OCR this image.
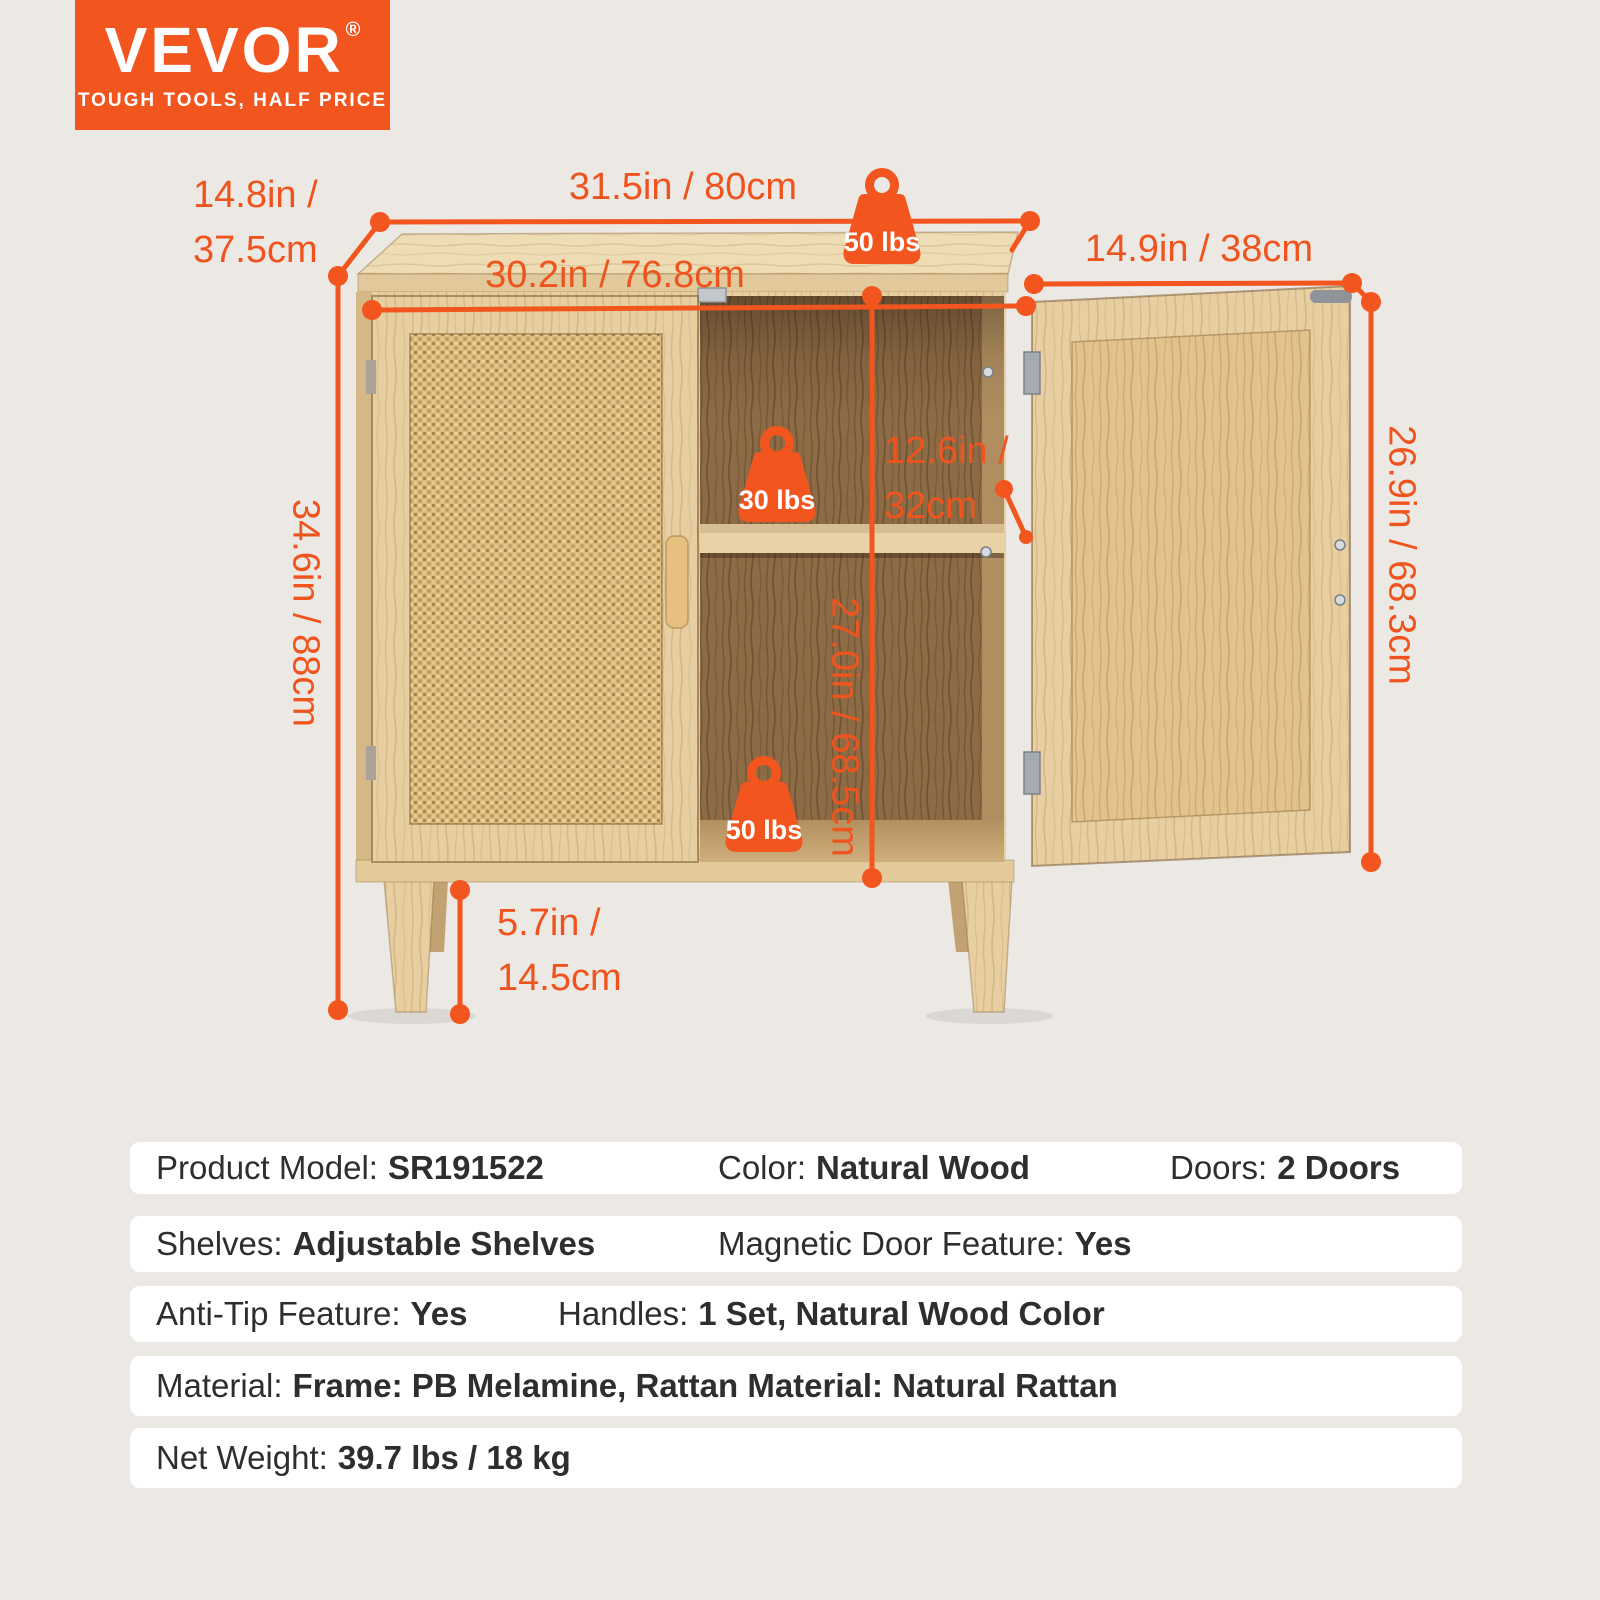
VEVOR ®
TOUGH TOOLS, HALF PRICE
50 lbs
30 lbs
50 lbs
31.5in / 80cm
14.8in /
37.5cm
30.2in / 76.8cm
14.9in / 38cm
12.6in /
32cm
5.7in /
14.5cm
34.6in / 88cm	27.0in / 68.5cm
26.9in / 68.3cm
Product Model: SR191522	Color: Natural Wood	Doors: 2 Doors
Shelves: Adjustable Shelves	Magnetic Door Feature: Yes
Anti-Tip Feature: Yes	Handles: 1 Set, Natural Wood Color
Material: Frame: PB Melamine, Rattan Material: Natural Rattan
Net Weight: 39.7 lbs / 18 kg
